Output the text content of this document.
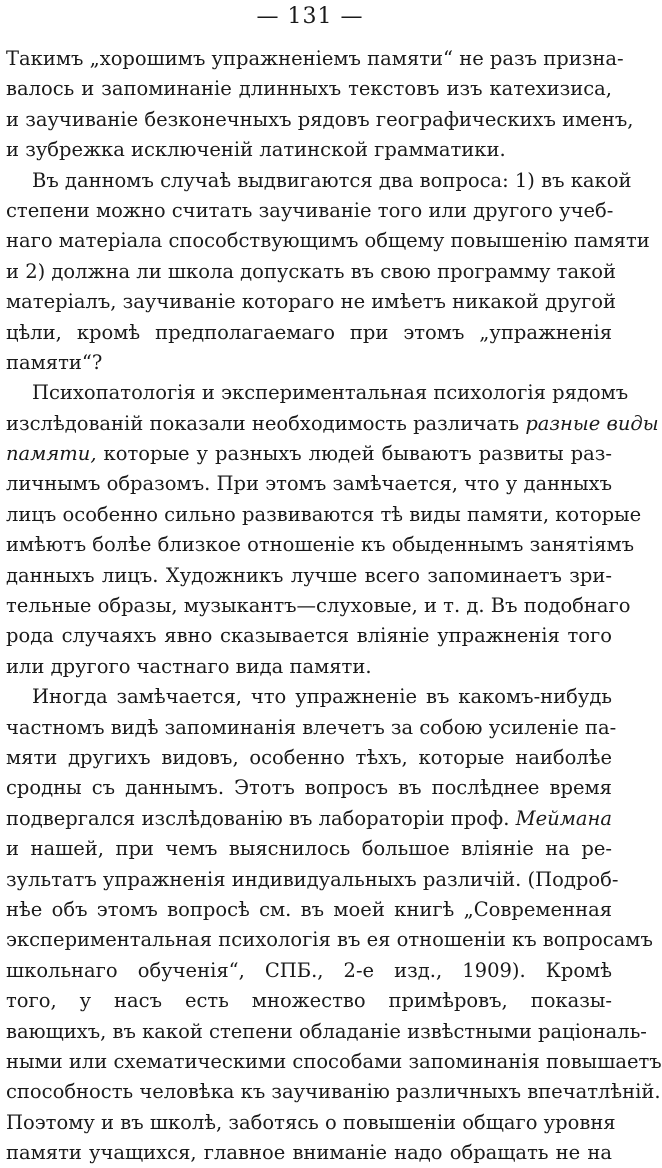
— 131 —
Такимъ „хорошимъ упражненіемъ памяти“ не разъ призна-
валось и запоминаніе длинныхъ текстовъ изъ катехизиса,
и заучиваніе безконечныхъ рядовъ географическихъ именъ,
и зубрежка исключеній латинской грамматики.
Въ данномъ случаѣ выдвигаются два вопроса: 1) въ какой
степени можно считать заучиваніе того или другого учеб-
наго матеріала способствующимъ общему повышенію памяти
и 2) должна ли школа допускать въ свою программу такой
матеріалъ, заучиваніе котораго не имѣетъ никакой другой
цѣли, кромѣ предполагаемаго при этомъ „упражненія
памяти“?
Психопатологія и экспериментальная психологія рядомъ
изслѣдованій показали необходимость различать разные виды
памяти, которые у разныхъ людей бываютъ развиты раз-
личнымъ образомъ. При этомъ замѣчается, что у данныхъ
лицъ особенно сильно развиваются тѣ виды памяти, которые
имѣютъ болѣе близкое отношеніе къ обыденнымъ занятіямъ
данныхъ лицъ. Художникъ лучше всего запоминаетъ зри-
тельные образы, музыкантъ—слуховые, и т. д. Въ подобнаго
рода случаяхъ явно сказывается вліяніе упражненія того
или другого частнаго вида памяти.
Иногда замѣчается, что упражненіе въ какомъ-нибудь
частномъ видѣ запоминанія влечетъ за собою усиленіе па-
мяти другихъ видовъ, особенно тѣхъ, которые наиболѣе
сродны съ даннымъ. Этотъ вопросъ въ послѣднее время
подвергался изслѣдованію въ лабораторіи проф. Меймана
и нашей, при чемъ выяснилось большое вліяніе на ре-
зультатъ упражненія индивидуальныхъ различій. (Подроб-
нѣе объ этомъ вопросѣ см. въ моей книгѣ „Современная
экспериментальная психологія въ ея отношеніи къ вопросамъ
школьнаго обученія“, СПБ., 2-е изд., 1909). Кромѣ
того, у насъ есть множество примѣровъ, показы-
вающихъ, въ какой степени обладаніе извѣстными раціональ-
ными или схематическими способами запоминанія повышаетъ
способность человѣка къ заучиванію различныхъ впечатлѣній.
Поэтому и въ школѣ, заботясь о повышеніи общаго уровня
памяти учащихся, главное вниманіе надо обращать не на
